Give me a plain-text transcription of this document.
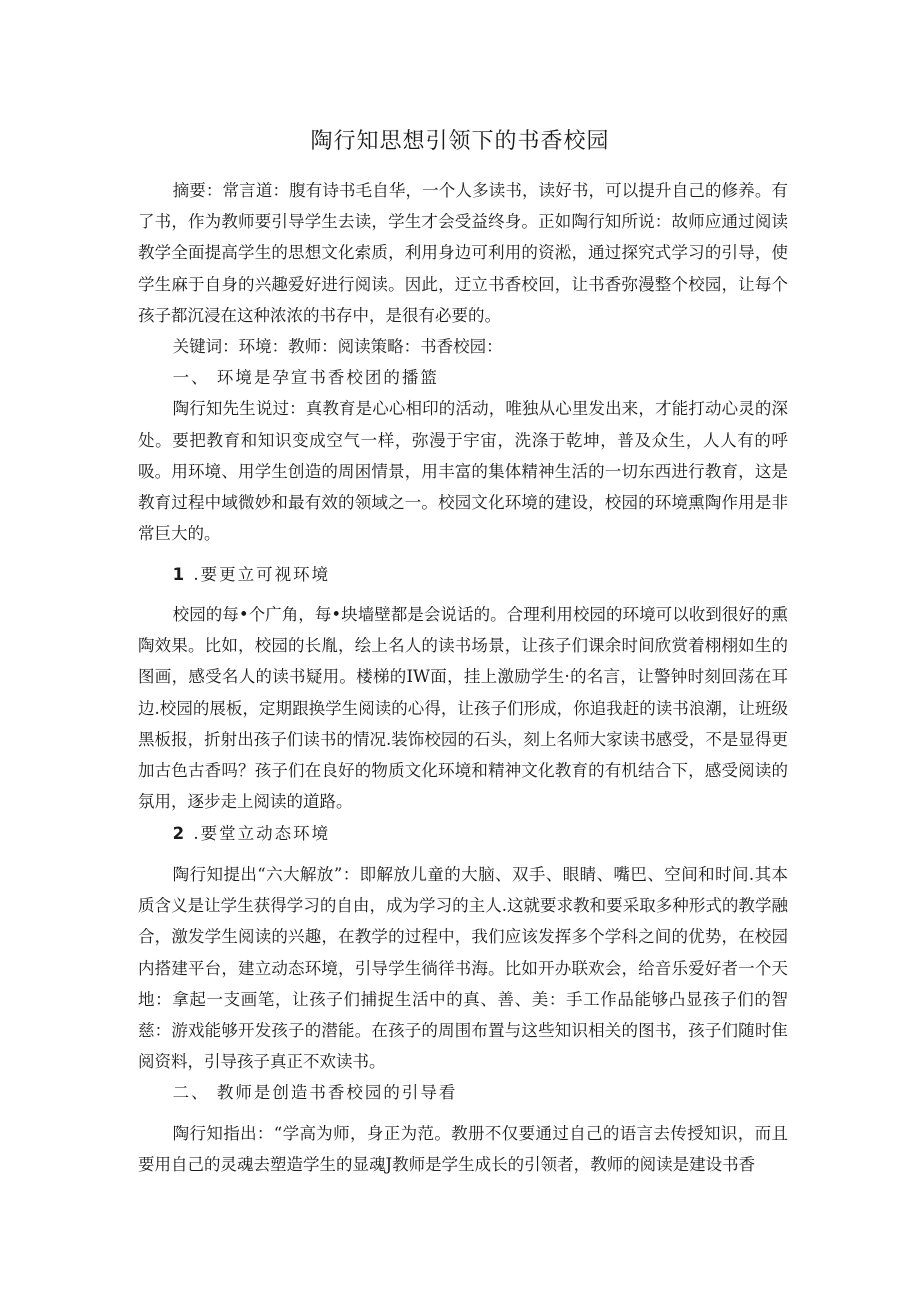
陶行知思想引领下的书香校园

摘要：常言道：腹有诗书毛自华，一个人多读书，读好书，可以提升自己的修养。有了书，作为教师要引导学生去读，学生才会受益终身。正如陶行知所说：故师应通过阅读教学全面提高学生的思想文化索质，利用身边可利用的资淞，通过探究式学习的引导，使学生麻于自身的兴趣爱好进行阅读。因此，迂立书香校回，让书香弥漫整个校园，让每个孩子都沉浸在这种浓浓的书存中，是很有必要的。

关键词：环境：教师：阅读策略：书香校园：

一、 环境是孕宣书香校团的播篮

陶行知先生说过：真教育是心心相印的活动，唯独从心里发出来，才能打动心灵的深处。要把教育和知识变成空气一样，弥漫于宇宙，洗涤于乾坤，普及众生，人人有的呼吸。用环境、用学生创造的周困情景，用丰富的集体精神生活的一切东西进行教育，这是教育过程中域微妙和最有效的领域之一。校园文化环境的建设，校园的环境熏陶作用是非常巨大的。

1 .要更立可视环境

校园的每•个广角，每•块墙壁都是会说话的。合理利用校园的环境可以收到很好的熏陶效果。比如，校园的长胤，绘上名人的读书场景，让孩子们课余时间欣赏着栩栩如生的图画，感受名人的读书疑用。楼梯的IW面，挂上激励学生·的名言，让警钟时刻回荡在耳边.校园的展板，定期跟换学生阅读的心得，让孩子们形成，你追我赶的读书浪潮，让班级黑板报，折射出孩子们读书的情况.装饰校园的石头，刻上名师大家读书感受，不是显得更加古色古香吗？孩子们在良好的物质文化环境和精神文化教育的有机结合下，感受阅读的氛用，逐步走上阅读的道路。

2 .要堂立动态环境

陶行知提出“六大解放”：即解放儿童的大脑、双手、眼睛、嘴巴、空间和时间.其本质含义是让学生获得学习的自由，成为学习的主人.这就要求教和要采取多种形式的教学融合，激发学生阅读的兴趣，在教学的过程中，我们应该发挥多个学科之间的优势，在校园内搭建平台，建立动态环境，引导学生徜徉书海。比如开办联欢会，给音乐爱好者一个天地：拿起一支画笔，让孩子们捕捉生活中的真、善、美：手工作品能够凸显孩子们的智慈：游戏能够开发孩子的潜能。在孩子的周围布置与这些知识相关的图书，孩子们随时隹阅资料，引导孩子真正不欢读书。

二、 教师是创造书香校园的引导看

陶行知指出：“学高为师，身正为范。教册不仅要通过自己的语言去传授知识，而且要用自己的灵魂去塑造学生的显魂J教师是学生成长的引领者，教师的阅读是建设书香
